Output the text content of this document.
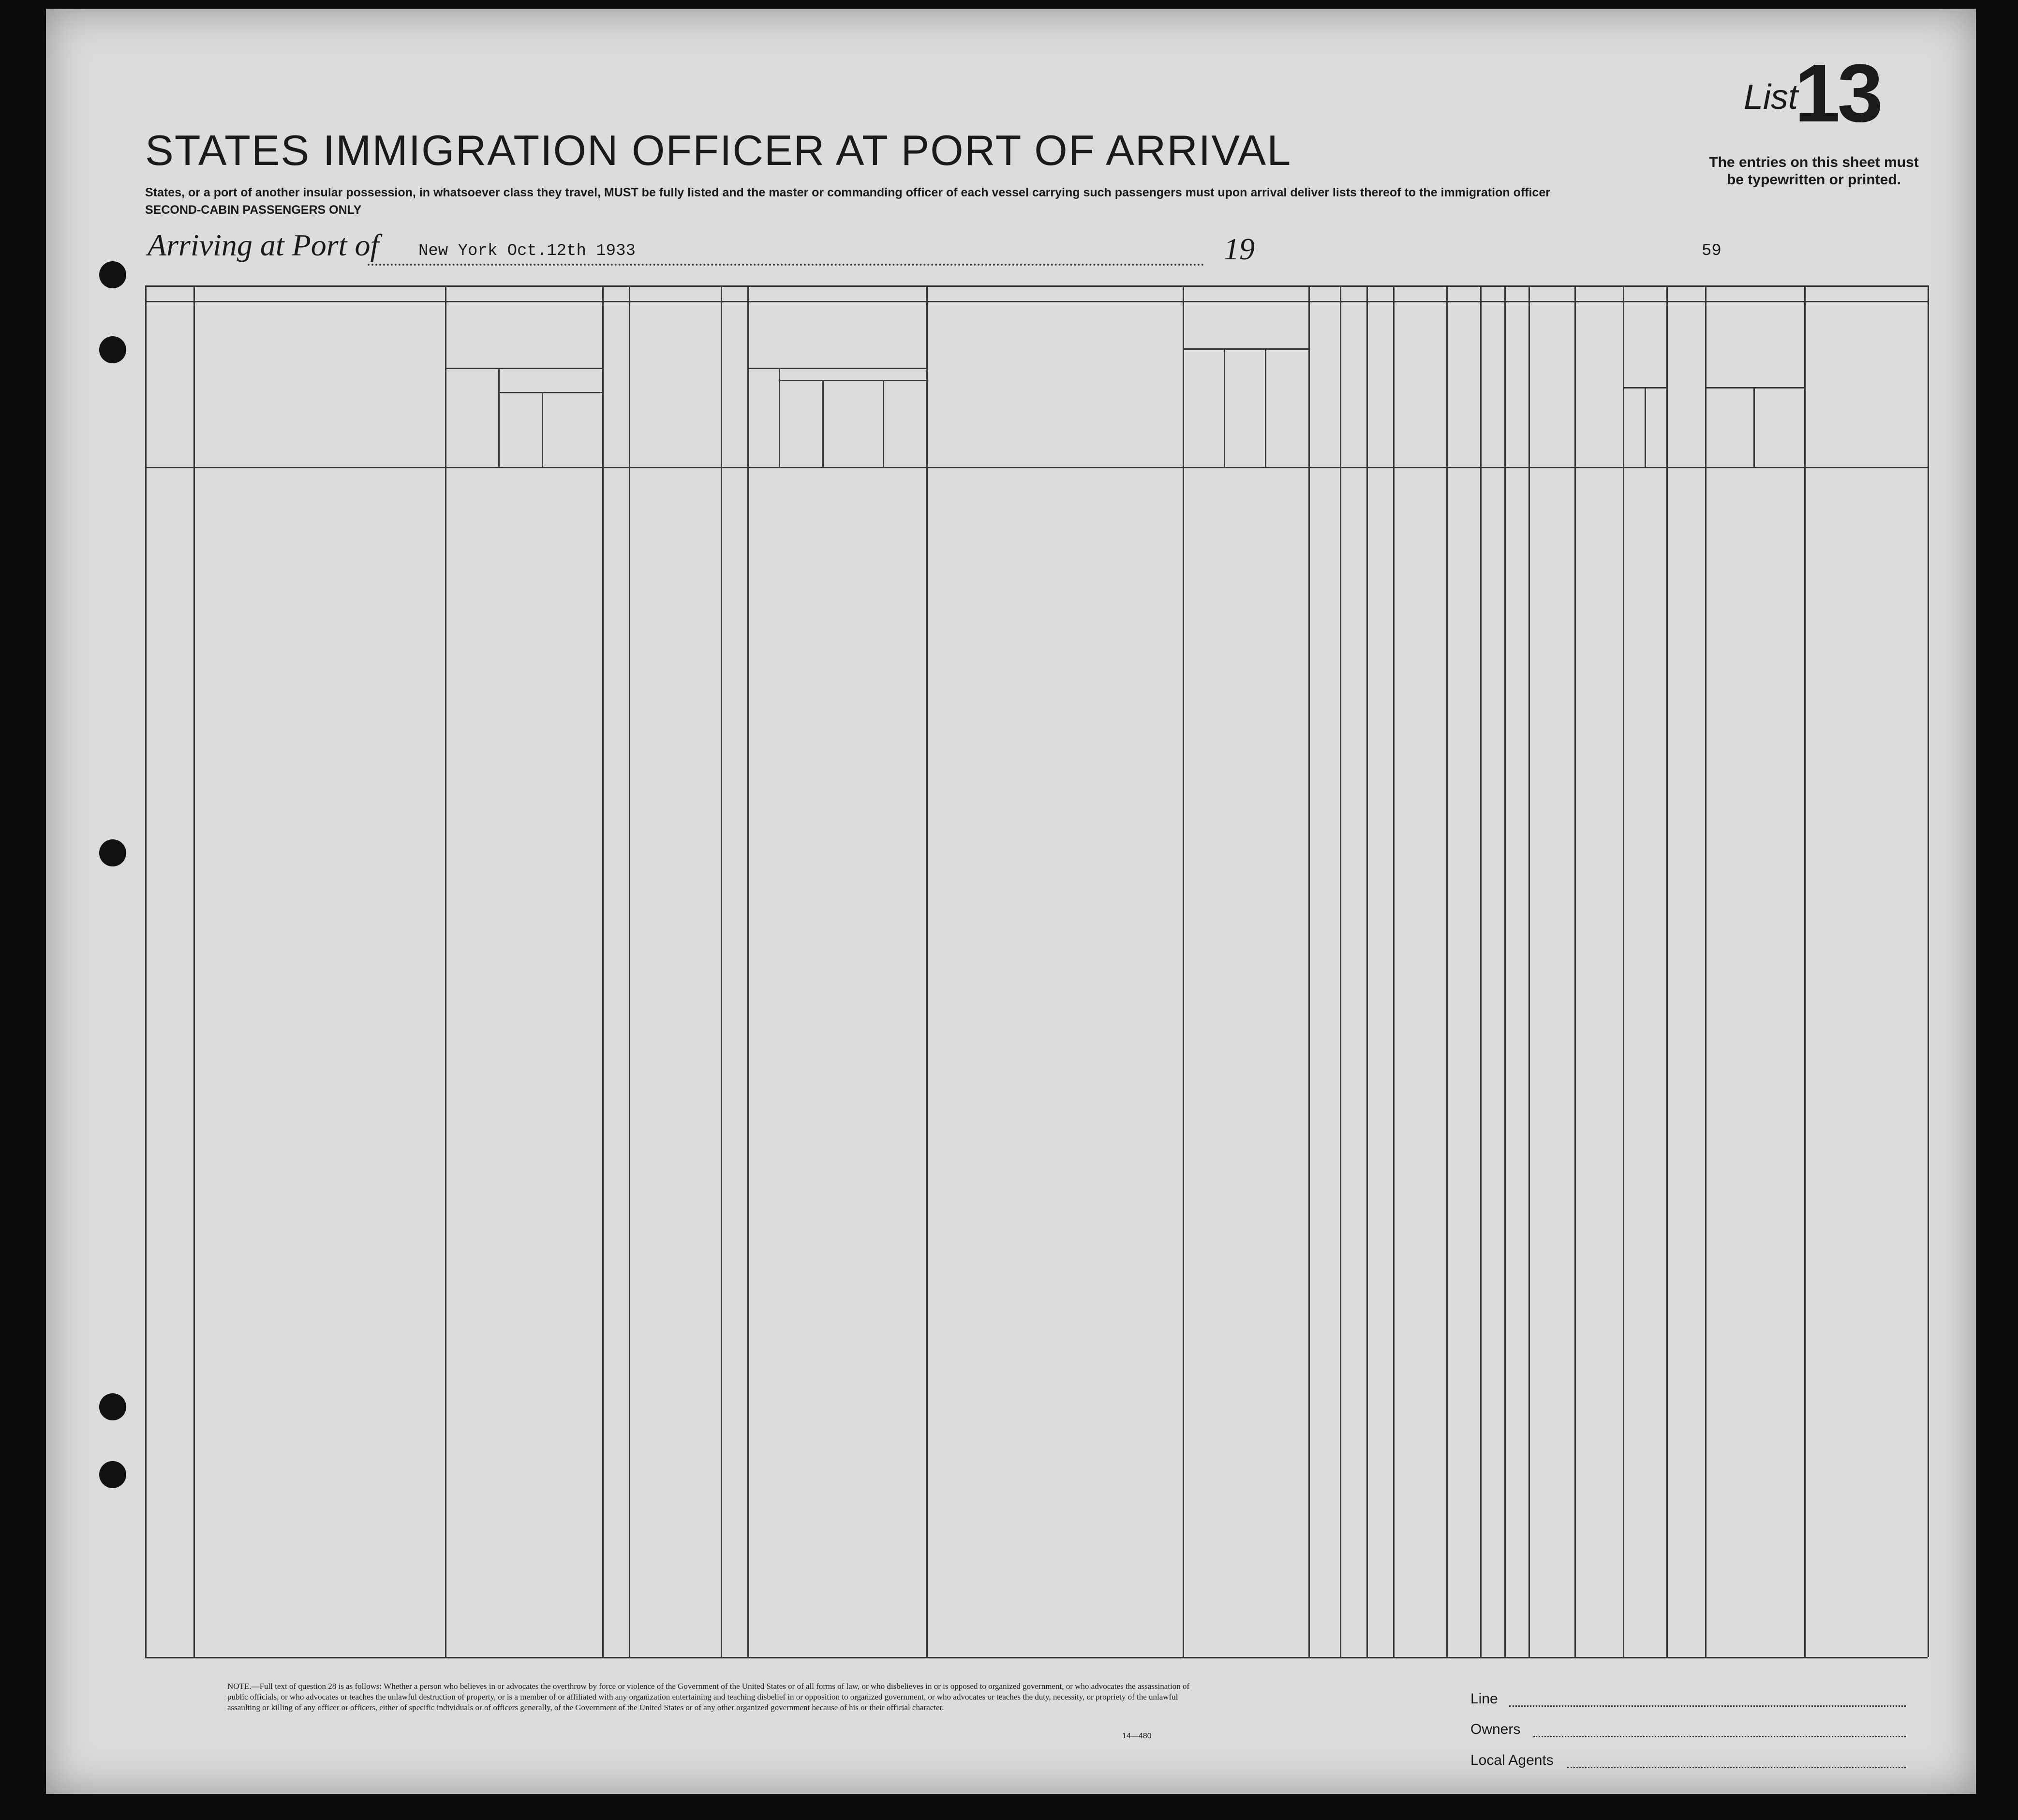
List
13
The entries on this sheet must be typewritten or printed.
STATES IMMIGRATION OFFICER AT PORT OF ARRIVAL
States, or a port of another insular possession, in whatsoever class they travel, MUST be fully listed and the master or commanding officer of each vessel carrying such passengers must upon arrival deliver lists thereof to the immigration officer
SECOND-CABIN PASSENGERS ONLY
Arriving at Port of New York Oct.12th 1933	19	59
NOTE.—Full text of question 28 is as follows: Whether a person who believes in or advocates the overthrow by force or violence of the Government of the United States or of all forms of law, or who disbelieves in or is opposed to organized government, or who advocates the assassination of public officials, or who advocates or teaches the unlawful destruction of property, or is a member of or affiliated with any organization entertaining and teaching disbelief in or opposition to organized government, or who advocates or teaches the duty, necessity, or propriety of the unlawful assaulting or killing of any officer or officers, either of specific individuals or of officers generally, of the Government of the United States or of any other organized government because of his or their official character.
14—480
Line
Owners
Local Agents
